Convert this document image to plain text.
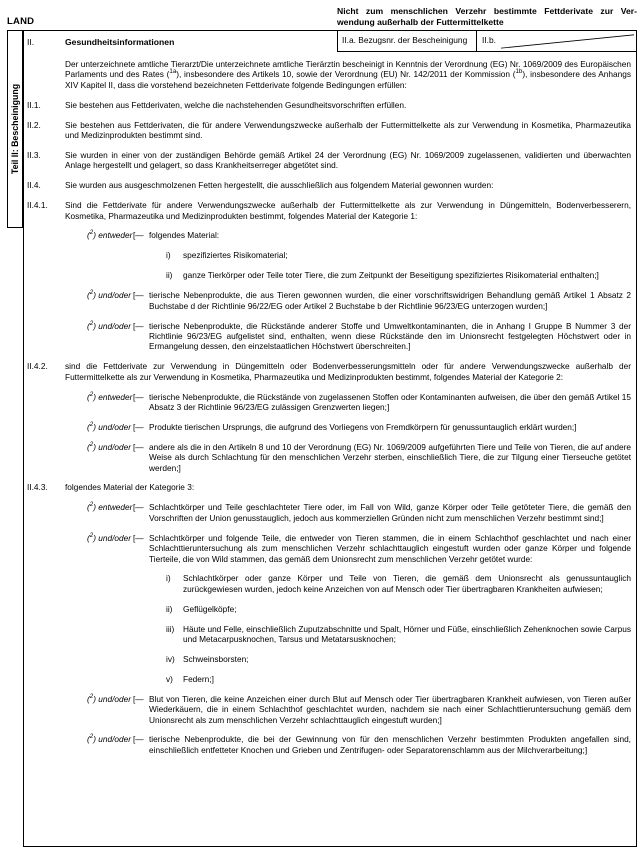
LAND
Nicht zum menschlichen Verzehr bestimmte Fettderivate zur Ver-
wendung außerhalb der Futtermittelkette
Teil II: Bescheinigung
II.a. Bezugsnr. der Bescheinigung	II.b.
II.	Gesundheitsinformationen
Der unterzeichnete amtliche Tierarzt/Die unterzeichnete amtliche Tierärztin bescheinigt in Kenntnis der Verordnung (EG) Nr. 1069/2009 des Europäischen Parlaments und des Rates ($^{1a}$), insbesondere des Artikels 10, sowie der Verordnung (EU) Nr. 142/2011 der Kommission ($^{1b}$), insbesondere des Anhangs XIV Kapitel II, dass die vorstehend bezeichneten Fettderivate folgende Bedingungen erfüllen:
II.1.	Sie bestehen aus Fettderivaten, welche die nachstehenden Gesundheitsvorschriften erfüllen.
II.2.	Sie bestehen aus Fettderivaten, die für andere Verwendungszwecke außerhalb der Futtermittelkette als zur Verwendung in Kosmetika, Pharmazeutika und Medizinprodukten bestimmt sind.
II.3.	Sie wurden in einer von der zuständigen Behörde gemäß Artikel 24 der Verordnung (EG) Nr. 1069/2009 zugelassenen, validierten und überwachten Anlage hergestellt und gelagert, so dass Krankheitserreger abgetötet sind.
II.4.	Sie wurden aus ausgeschmolzenen Fetten hergestellt, die ausschließlich aus folgendem Material gewonnen wurden:
II.4.1.	Sind die Fettderivate für andere Verwendungszwecke außerhalb der Futtermittelkette als zur Verwendung in Düngemitteln, Bodenverbesserern, Kosmetika, Pharmazeutika und Medizinprodukten bestimmt, folgendes Material der Kategorie 1:
($^2$) entweder [— folgendes Material:
i)	spezifiziertes Risikomaterial;
ii)	ganze Tierkörper oder Teile toter Tiere, die zum Zeitpunkt der Beseitigung spezifiziertes Risikomaterial enthalten;]
($^2$) und/oder [— tierische Nebenprodukte, die aus Tieren gewonnen wurden, die einer vorschriftswidrigen Behandlung gemäß Artikel 1 Absatz 2 Buchstabe d der Richtlinie 96/22/EG oder Artikel 2 Buchstabe b der Richtlinie 96/23/EG unterzogen wurden;]
($^2$) und/oder [— tierische Nebenprodukte, die Rückstände anderer Stoffe und Umweltkontaminanten, die in Anhang I Gruppe B Nummer 3 der Richtlinie 96/23/EG aufgelistet sind, enthalten, wenn diese Rückstände den im Unionsrecht festgelegten Höchstwert oder in Ermangelung dessen, den einzelstaatlichen Höchstwert überschreiten.]
II.4.2.	sind die Fettderivate zur Verwendung in Düngemitteln oder Bodenverbesserungsmitteln oder für andere Verwendungszwecke außerhalb der Futtermittelkette als zur Verwendung in Kosmetika, Pharmazeutika und Medizinprodukten bestimmt, folgendes Material der Kategorie 2:
($^2$) entweder [— tierische Nebenprodukte, die Rückstände von zugelassenen Stoffen oder Kontaminanten aufweisen, die über den gemäß Artikel 15 Absatz 3 der Richtlinie 96/23/EG zulässigen Grenzwerten liegen;]
($^2$) und/oder [— Produkte tierischen Ursprungs, die aufgrund des Vorliegens von Fremdkörpern für genussuntauglich erklärt wurden;]
($^2$) und/oder [— andere als die in den Artikeln 8 und 10 der Verordnung (EG) Nr. 1069/2009 aufgeführten Tiere und Teile von Tieren, die auf andere Weise als durch Schlachtung für den menschlichen Verzehr sterben, einschließlich Tiere, die zur Tilgung einer Tierseuche getötet werden;]
II.4.3.	folgendes Material der Kategorie 3:
($^2$) entweder [— Schlachtkörper und Teile geschlachteter Tiere oder, im Fall von Wild, ganze Körper oder Teile getöteter Tiere, die gemäß den Vorschriften der Union genusstauglich, jedoch aus kommerziellen Gründen nicht zum menschlichen Verzehr bestimmt sind;]
($^2$) und/oder [— Schlachtkörper und folgende Teile, die entweder von Tieren stammen, die in einem Schlachthof geschlachtet und nach einer Schlachttieruntersuchung als zum menschlichen Verzehr schlachttauglich eingestuft wurden oder ganze Körper und folgende Tierteile, die von Wild stammen, das gemäß dem Unionsrecht zum menschlichen Verzehr getötet wurde:
i)	Schlachtkörper oder ganze Körper und Teile von Tieren, die gemäß dem Unionsrecht als genussuntauglich zurückgewiesen wurden, jedoch keine Anzeichen von auf Mensch oder Tier übertragbaren Krankheiten aufwiesen;
ii)	Geflügelköpfe;
iii)	Häute und Felle, einschließlich Zuputzabschnitte und Spalt, Hörner und Füße, einschließlich Zehenknochen sowie Carpus und Metacarpusknochen, Tarsus und Metatarsusknochen;
iv) Schweinsborsten;
v)	Federn;]
($^2$) und/oder [— Blut von Tieren, die keine Anzeichen einer durch Blut auf Mensch oder Tier übertragbaren Krankheit aufwiesen, von Tieren außer Wiederkäuern, die in einem Schlachthof geschlachtet wurden, nachdem sie nach einer Schlachttieruntersuchung gemäß dem Unionsrecht als zum menschlichen Verzehr schlachttauglich eingestuft wurden;]
($^2$) und/oder [— tierische Nebenprodukte, die bei der Gewinnung von für den menschlichen Verzehr bestimmten Produkten angefallen sind, einschließlich entfetteter Knochen und Grieben und Zentrifugen- oder Separatorenschlamm aus der Milchverarbeitung;]
